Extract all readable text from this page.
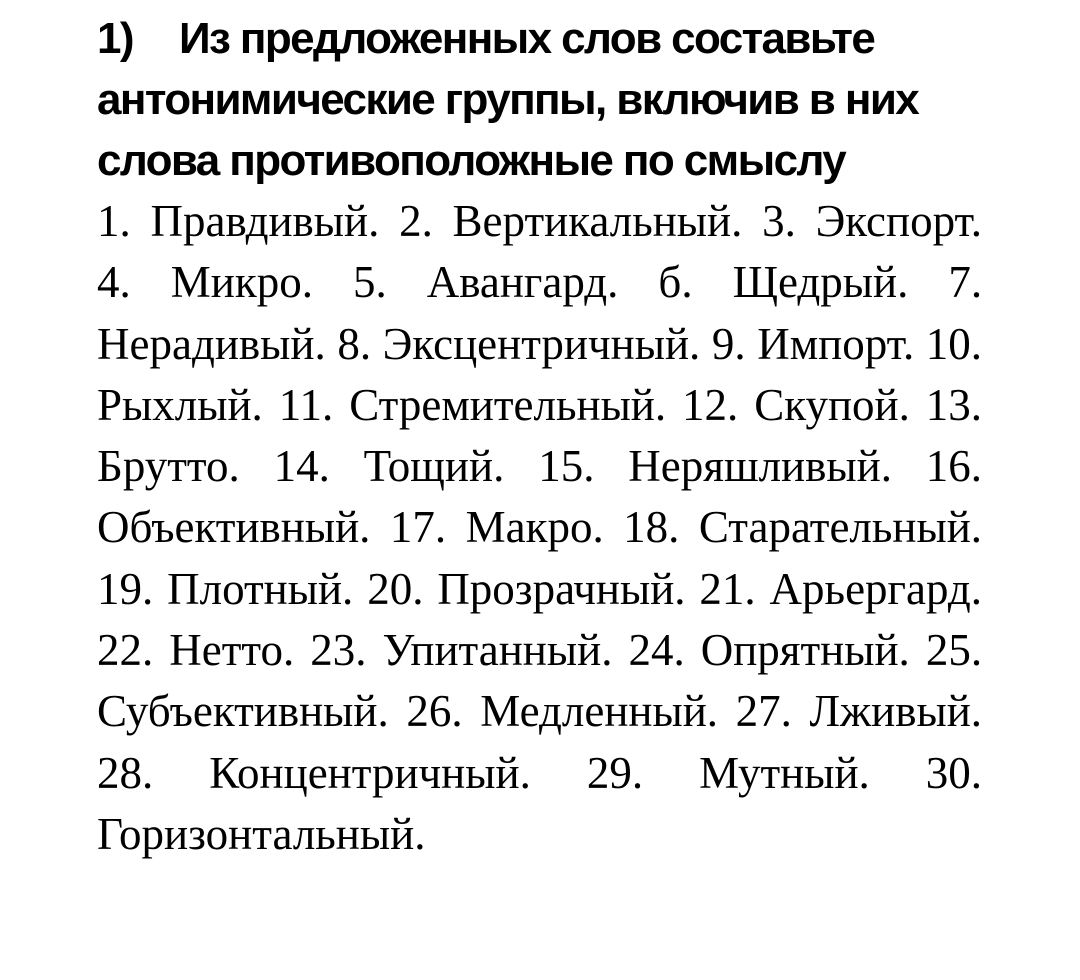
1) Из предложенных слов составьте антонимические группы, включив в них слова противоположные по смыслу

1. Правдивый. 2. Вертикальный. 3. Экспорт. 4. Микро. 5. Авангард. б. Щедрый. 7. Нерадивый. 8. Эксцентричный. 9. Импорт. 10. Рыхлый. 11. Стремительный. 12. Скупой. 13. Брутто. 14. Тощий. 15. Неряшливый. 16. Объективный. 17. Макро. 18. Старательный. 19. Плотный. 20. Прозрачный. 21. Арьергард. 22. Нетто. 23. Упитанный. 24. Опрятный. 25. Субъективный. 26. Медленный. 27. Лживый. 28. Концентричный. 29. Мутный. 30. Горизонтальный.
